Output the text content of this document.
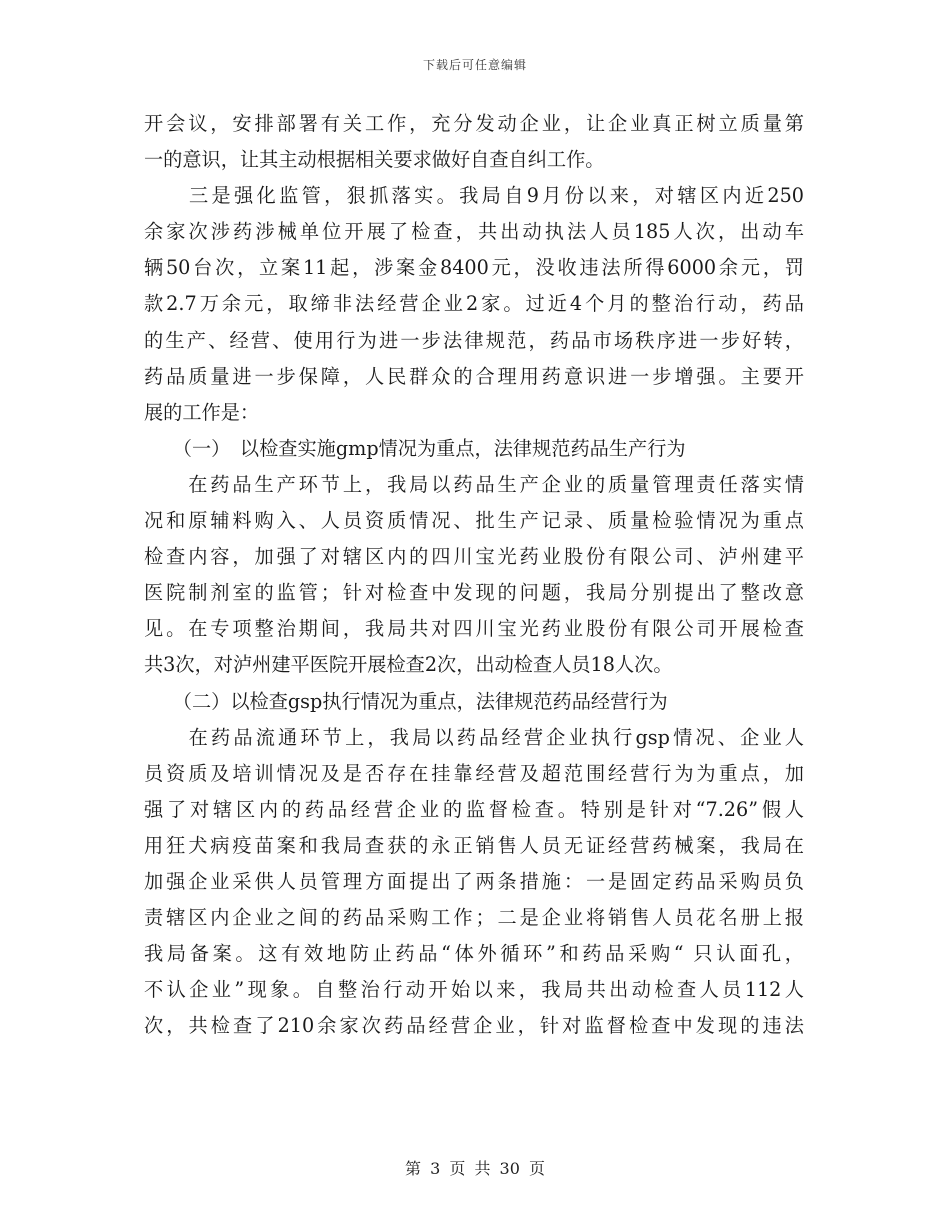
下载后可任意编辑
开会议，安排部署有关工作，充分发动企业，让企业真正树立质量第
一的意识，让其主动根据相关要求做好自查自纠工作。
　　三是强化监管，狠抓落实。我局自9月份以来，对辖区内近250
余家次涉药涉械单位开展了检查，共出动执法人员185人次，出动车
辆50台次，立案11起，涉案金8400元，没收违法所得6000余元，罚
款2.7万余元，取缔非法经营企业2家。过近4个月的整治行动，药品
的生产、经营、使用行为进一步法律规范，药品市场秩序进一步好转，
药品质量进一步保障，人民群众的合理用药意识进一步增强。主要开
展的工作是：
　　（一）　以检查实施gmp情况为重点，法律规范药品生产行为
　　在药品生产环节上，我局以药品生产企业的质量管理责任落实情
况和原辅料购入、人员资质情况、批生产记录、质量检验情况为重点
检查内容，加强了对辖区内的四川宝光药业股份有限公司、泸州建平
医院制剂室的监管；针对检查中发现的问题，我局分别提出了整改意
见。在专项整治期间，我局共对四川宝光药业股份有限公司开展检查
共3次，对泸州建平医院开展检查2次，出动检查人员18人次。
　　（二）以检查gsp执行情况为重点，法律规范药品经营行为
　　在药品流通环节上，我局以药品经营企业执行gsp情况、企业人
员资质及培训情况及是否存在挂靠经营及超范围经营行为为重点，加
强了对辖区内的药品经营企业的监督检查。特别是针对“7.26”假人
用狂犬病疫苗案和我局查获的永正销售人员无证经营药械案，我局在
加强企业采供人员管理方面提出了两条措施：一是固定药品采购员负
责辖区内企业之间的药品采购工作；二是企业将销售人员花名册上报
我局备案。这有效地防止药品“体外循环”和药品采购“ 只认面孔，
不认企业”现象。自整治行动开始以来，我局共出动检查人员112人
次，共检查了210余家次药品经营企业，针对监督检查中发现的违法
第 3 页 共 30 页
